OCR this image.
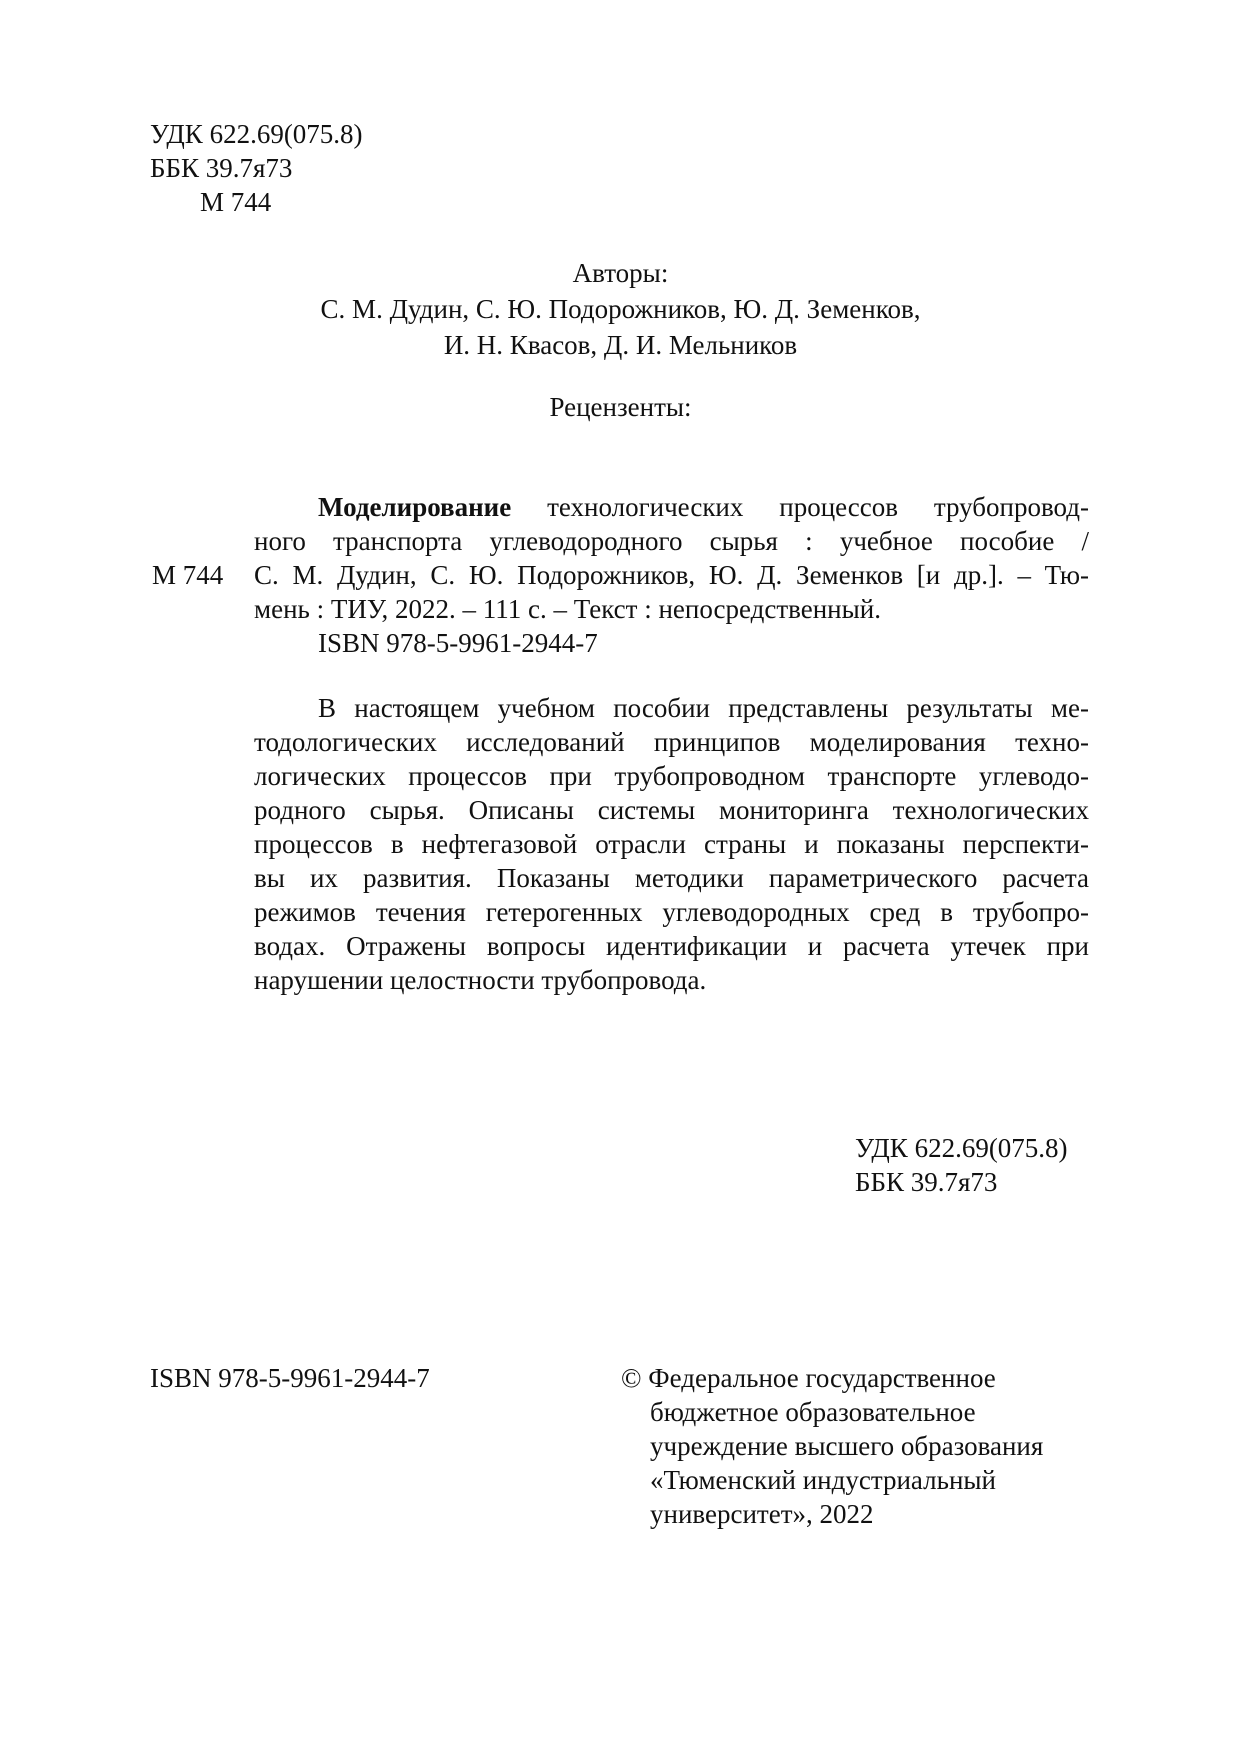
УДК 622.69(075.8)
ББК 39.7я73
М 744
Авторы:
С. М. Дудин, С. Ю. Подорожников, Ю. Д. Земенков,
И. Н. Квасов, Д. И. Мельников
Рецензенты:
М 744
Моделирование технологических процессов трубопровод-
ного транспорта углеводородного сырья : учебное пособие /
С. М. Дудин, С. Ю. Подорожников, Ю. Д. Земенков [и др.]. – Тю-
мень : ТИУ, 2022. – 111 с. – Текст : непосредственный.
ISBN 978-5-9961-2944-7
В настоящем учебном пособии представлены результаты ме-
тодологических исследований принципов моделирования техно-
логических процессов при трубопроводном транспорте углеводо-
родного сырья. Описаны системы мониторинга технологических
процессов в нефтегазовой отрасли страны и показаны перспекти-
вы их развития. Показаны методики параметрического расчета
режимов течения гетерогенных углеводородных сред в трубопро-
водах. Отражены вопросы идентификации и расчета утечек при
нарушении целостности трубопровода.
УДК 622.69(075.8)
ББК 39.7я73
ISBN 978-5-9961-2944-7	© Федеральное государственное
бюджетное образовательное
учреждение высшего образования
«Тюменский индустриальный
университет», 2022
